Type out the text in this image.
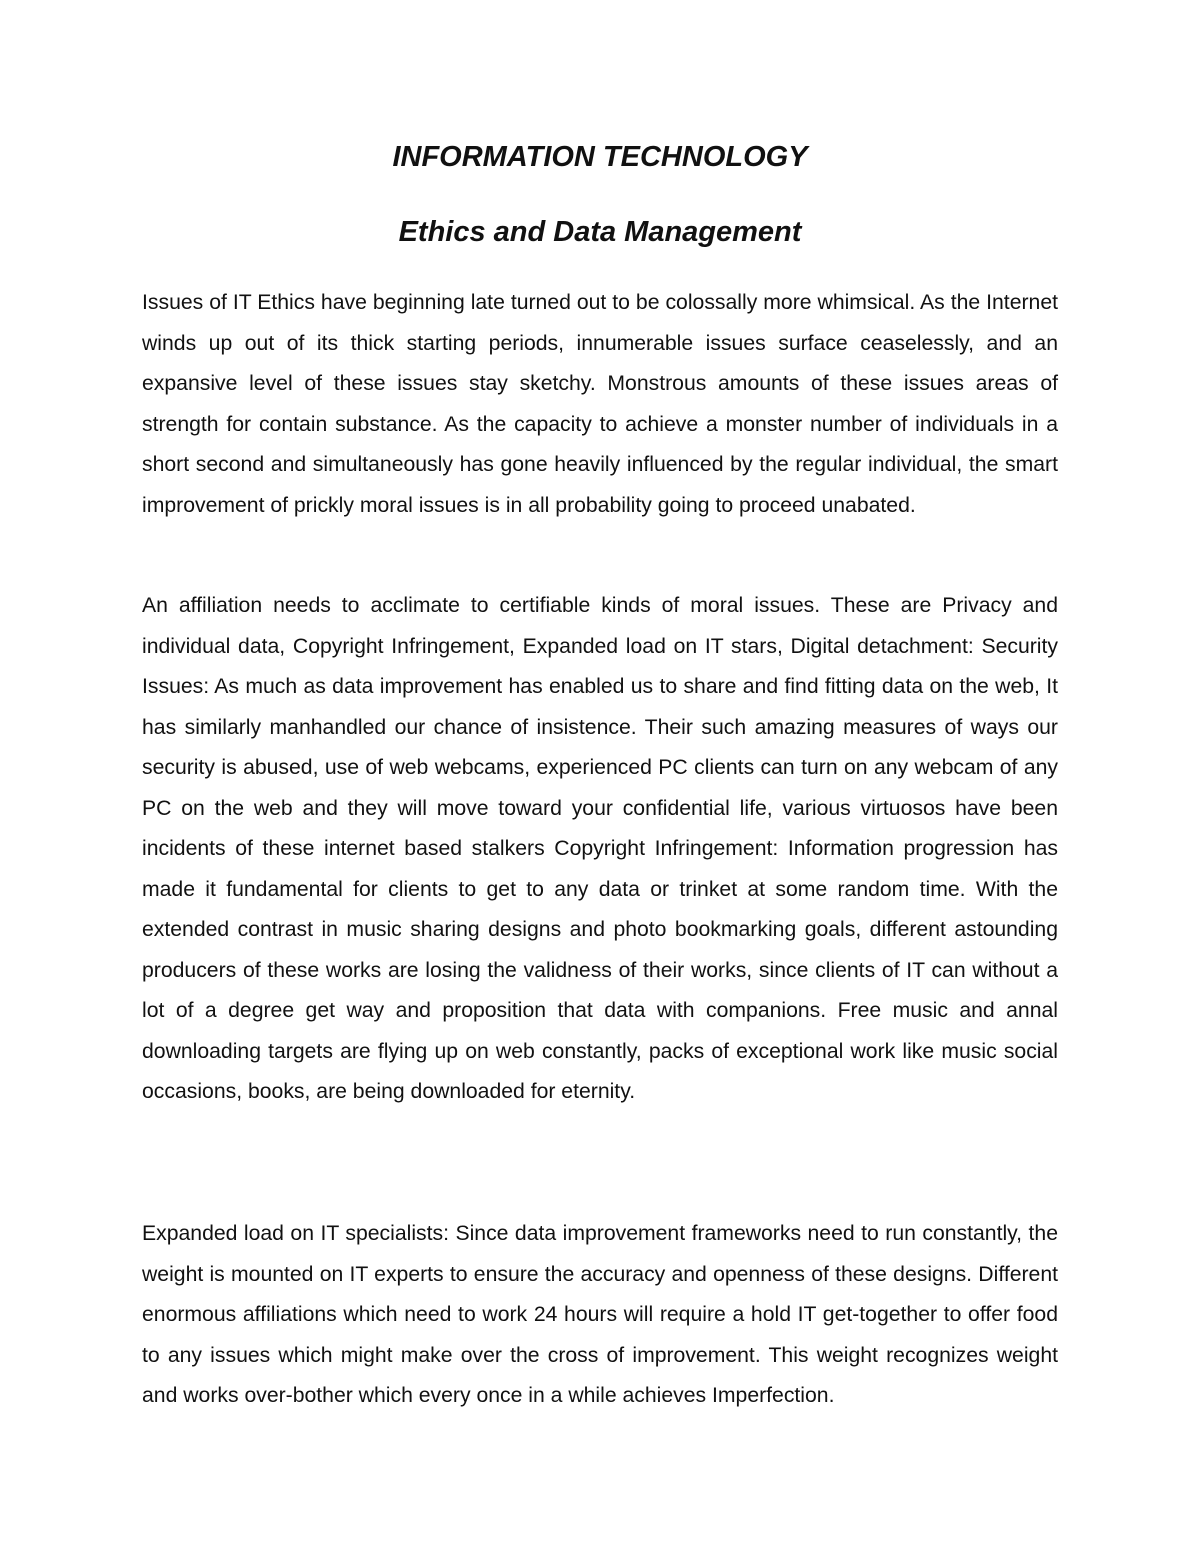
INFORMATION TECHNOLOGY
Ethics and Data Management

Issues of IT Ethics have beginning late turned out to be colossally more whimsical. As the Internet winds up out of its thick starting periods, innumerable issues surface ceaselessly, and an expansive level of these issues stay sketchy. Monstrous amounts of these issues areas of strength for contain substance. As the capacity to achieve a monster number of individuals in a short second and simultaneously has gone heavily influenced by the regular individual, the smart improvement of prickly moral issues is in all probability going to proceed unabated.

An affiliation needs to acclimate to certifiable kinds of moral issues. These are Privacy and individual data, Copyright Infringement, Expanded load on IT stars, Digital detachment: Security Issues: As much as data improvement has enabled us to share and find fitting data on the web, It has similarly manhandled our chance of insistence. Their such amazing measures of ways our security is abused, use of web webcams, experienced PC clients can turn on any webcam of any PC on the web and they will move toward your confidential life, various virtuosos have been incidents of these internet based stalkers Copyright Infringement: Information progression has made it fundamental for clients to get to any data or trinket at some random time. With the extended contrast in music sharing designs and photo bookmarking goals, different astounding producers of these works are losing the validness of their works, since clients of IT can without a lot of a degree get way and proposition that data with companions. Free music and annal downloading targets are flying up on web constantly, packs of exceptional work like music social occasions, books, are being downloaded for eternity.

Expanded load on IT specialists: Since data improvement frameworks need to run constantly, the weight is mounted on IT experts to ensure the accuracy and openness of these designs. Different enormous affiliations which need to work 24 hours will require a hold IT get-together to offer food to any issues which might make over the cross of improvement. This weight recognizes weight and works over-bother which every once in a while achieves Imperfection.
